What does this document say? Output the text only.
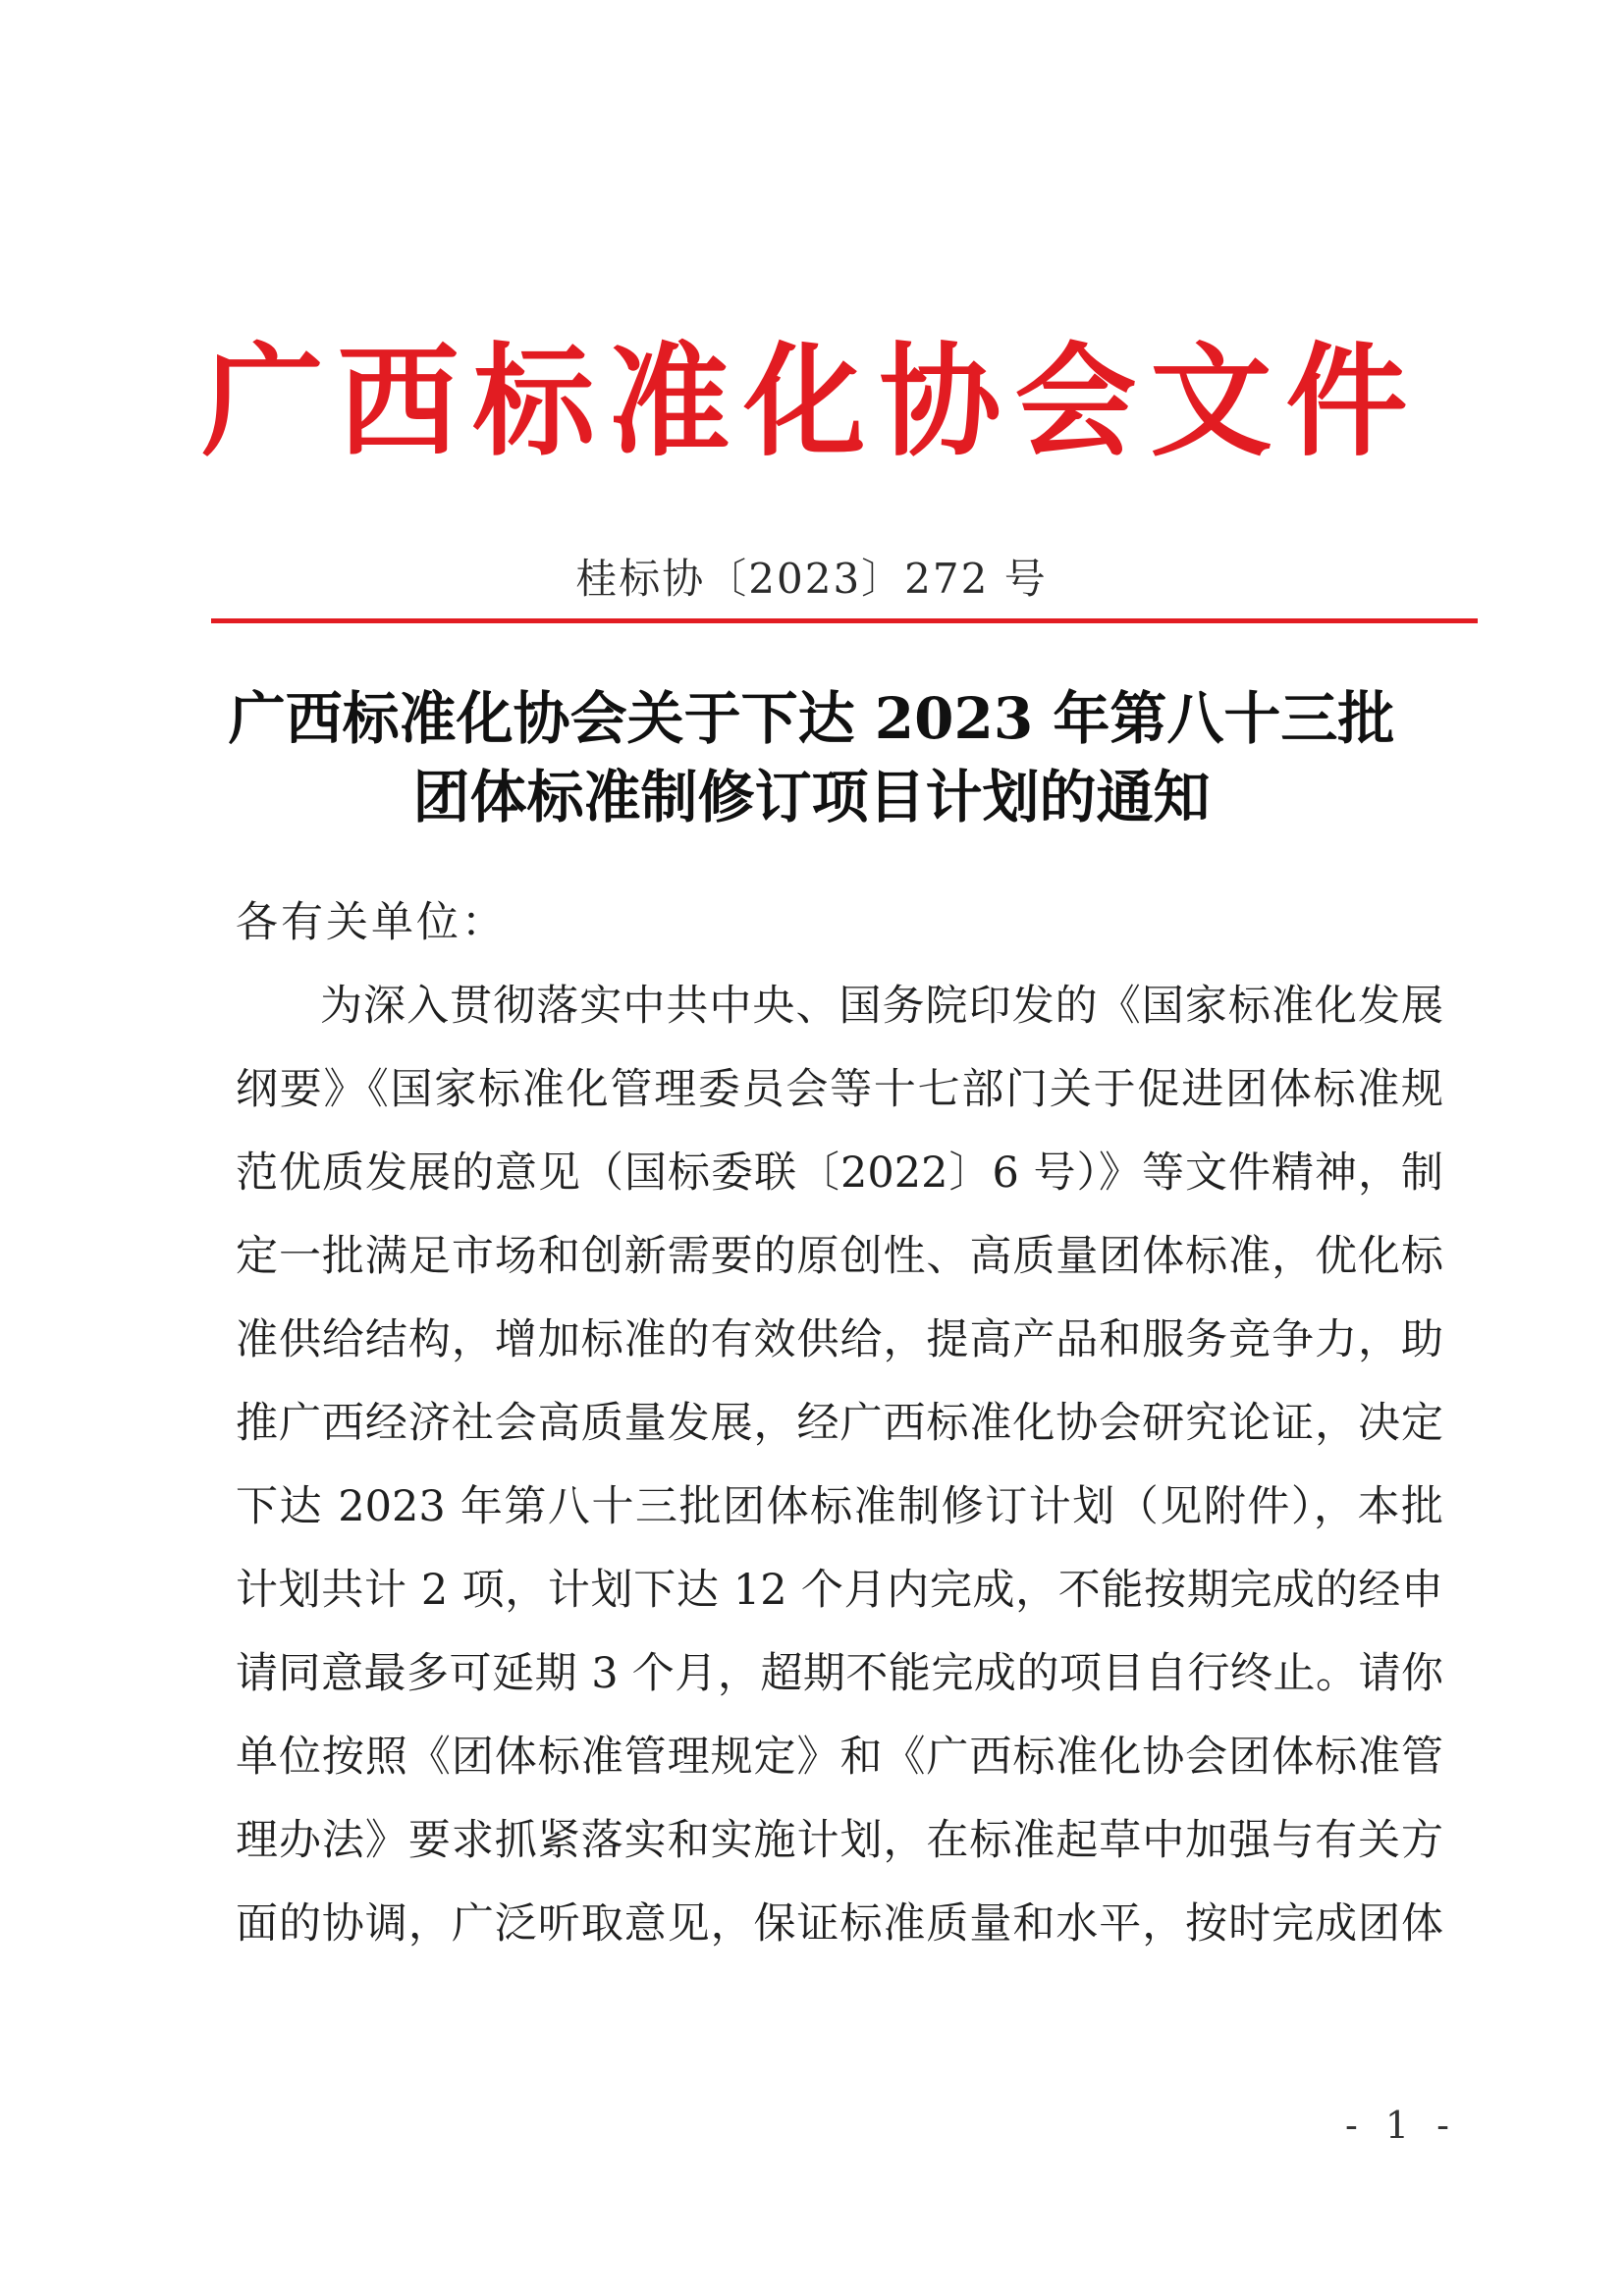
广西标准化协会文件
桂标协〔2023〕272 号
广西标准化协会关于下达 2023 年第八十三批
团体标准制修订项目计划的通知
各有关单位：
为深入贯彻落实中共中央、国务院印发的《国家标准化发展
纲要》《国家标准化管理委员会等十七部门关于促进团体标准规
范优质发展的意见（国标委联〔2022〕6 号）》等文件精神，制
定一批满足市场和创新需要的原创性、高质量团体标准，优化标
准供给结构，增加标准的有效供给，提高产品和服务竞争力，助
推广西经济社会高质量发展，经广西标准化协会研究论证，决定
下达 2023 年第八十三批团体标准制修订计划（见附件），本批
计划共计 2 项，计划下达 12 个月内完成，不能按期完成的经申
请同意最多可延期 3 个月，超期不能完成的项目自行终止。请你
单位按照《团体标准管理规定》和《广西标准化协会团体标准管
理办法》要求抓紧落实和实施计划，在标准起草中加强与有关方
面的协调，广泛听取意见，保证标准质量和水平，按时完成团体
- 1 -
